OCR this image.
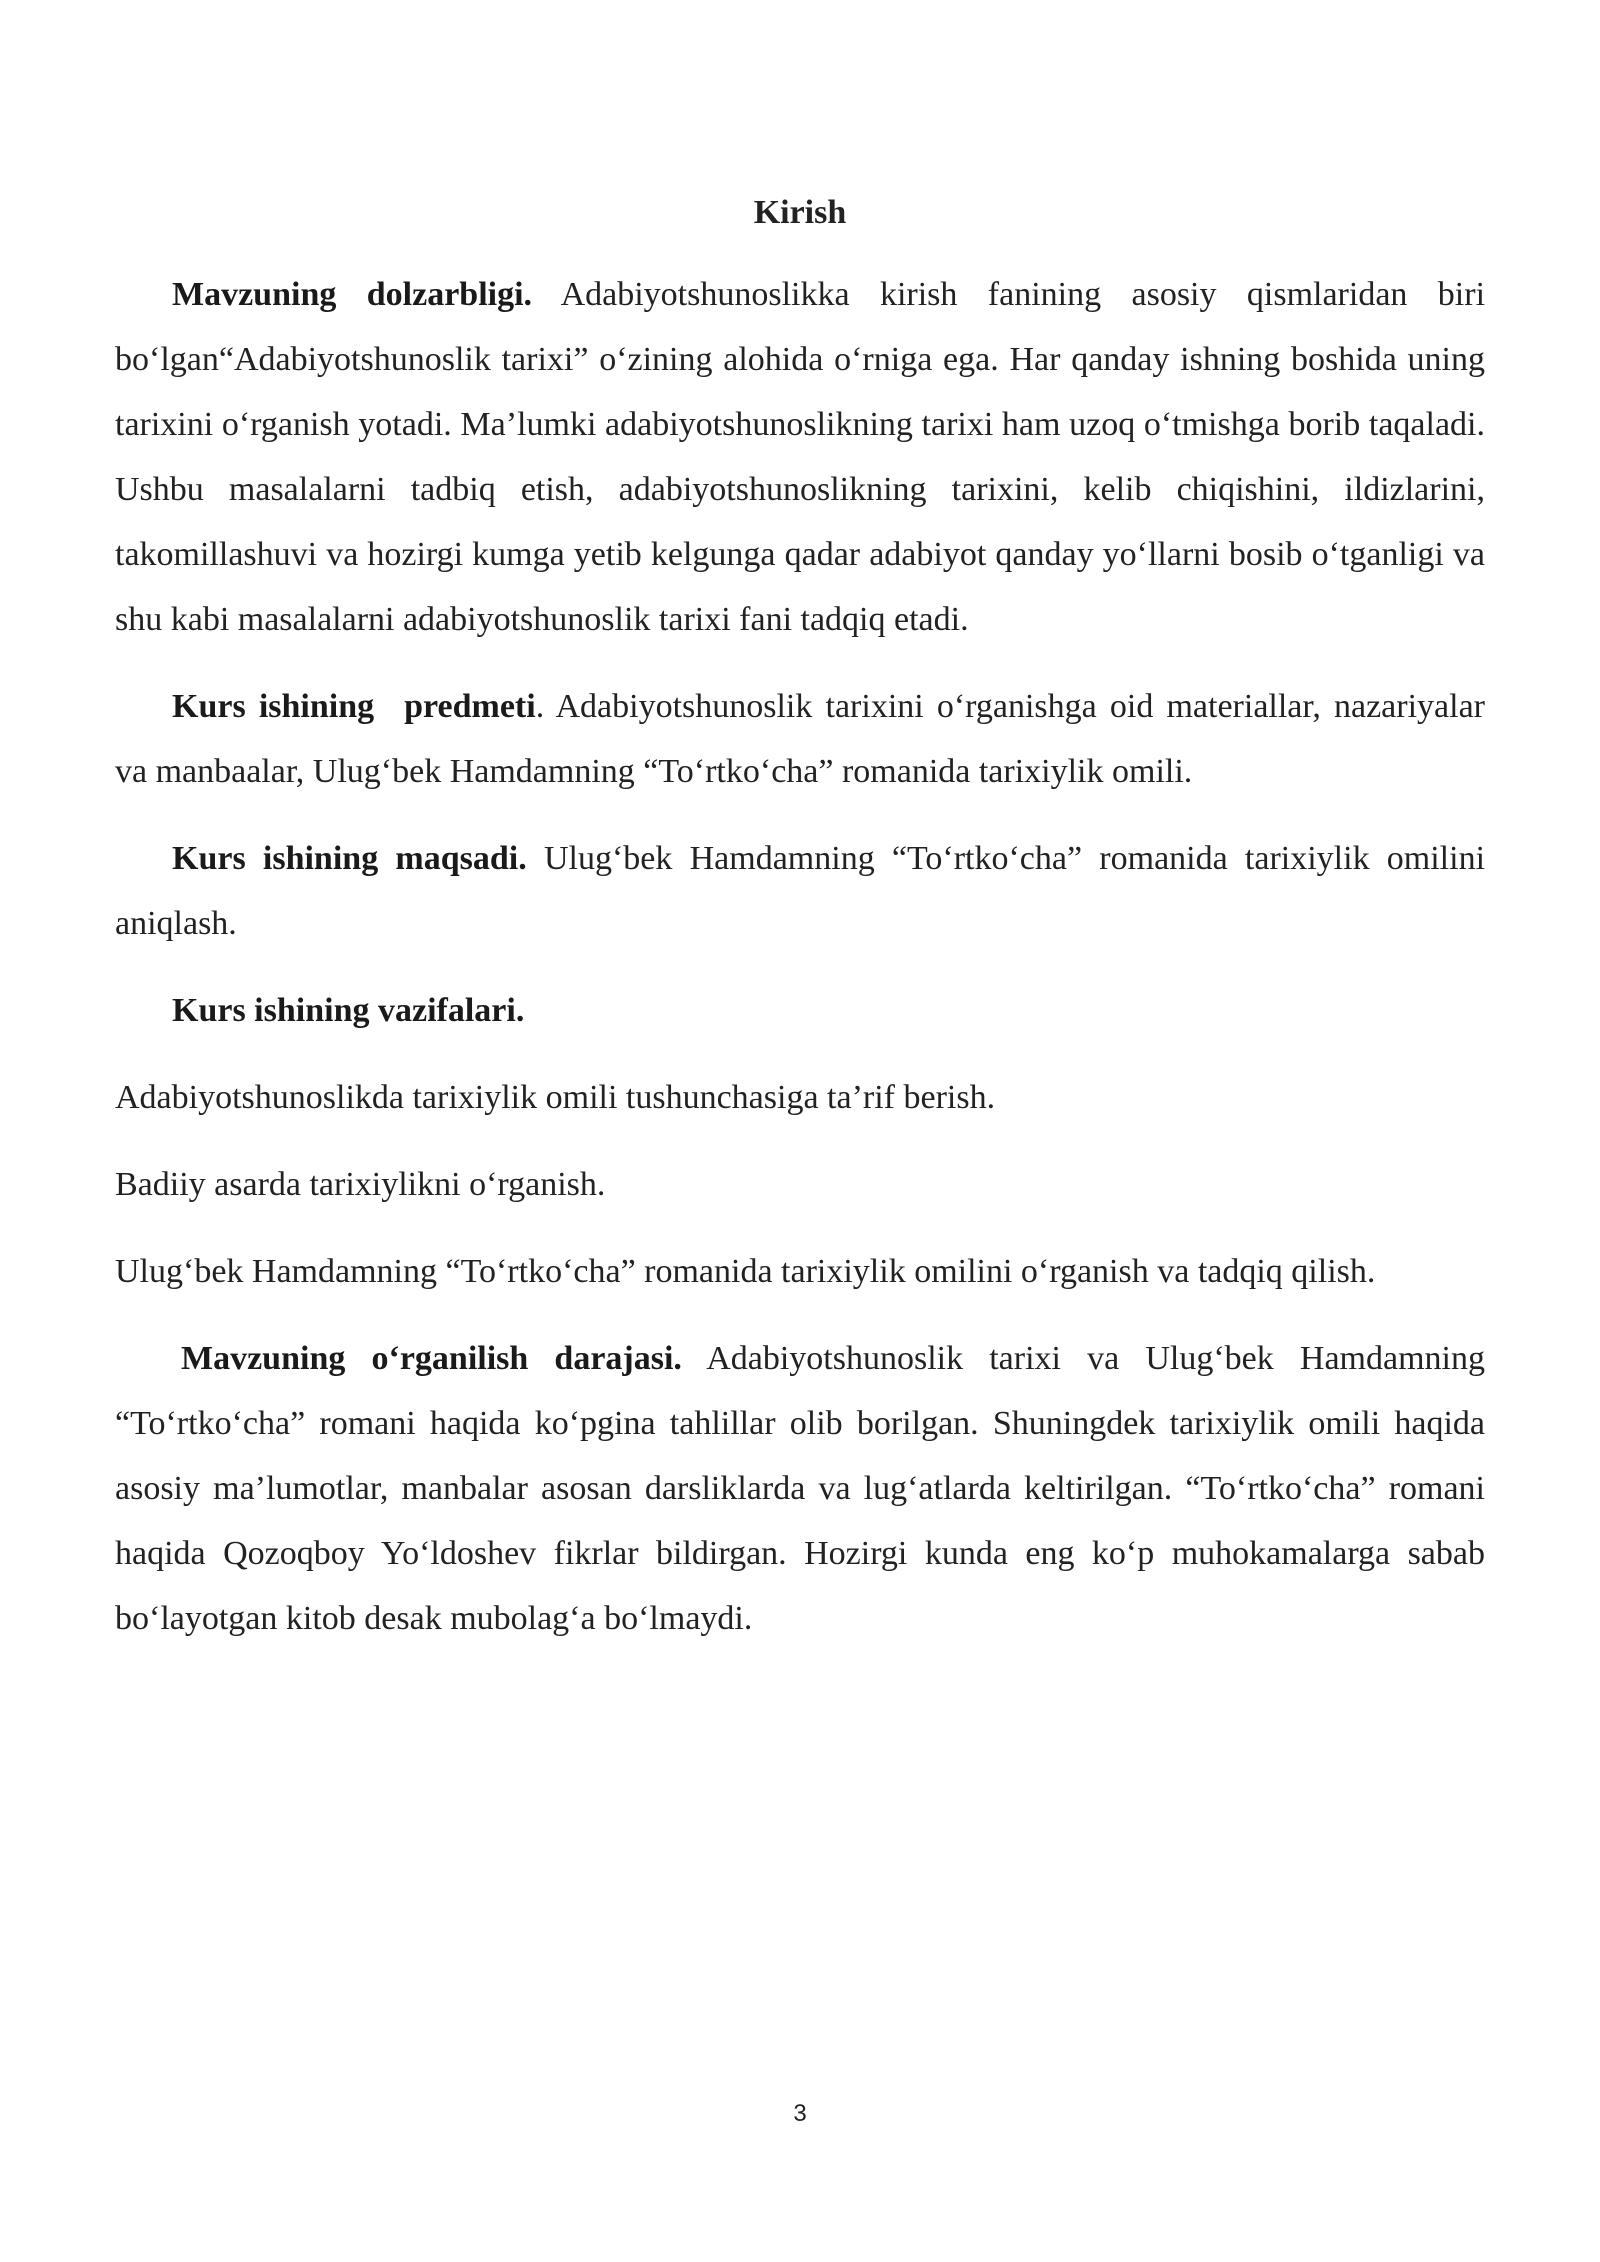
Kirish

Mavzuning dolzarbligi. Adabiyotshunoslikka kirish fanining asosiy qismlaridan biri bo‘lgan“Adabiyotshunoslik tarixi” o‘zining alohida o‘rniga ega. Har qanday ishning boshida uning tarixini o‘rganish yotadi. Ma’lumki adabiyotshunoslikning tarixi ham uzoq o‘tmishga borib taqaladi. Ushbu masalalarni tadbiq etish, adabiyotshunoslikning tarixini, kelib chiqishini, ildizlarini, takomillashuvi va hozirgi kumga yetib kelgunga qadar adabiyot qanday yo‘llarni bosib o‘tganligi va shu kabi masalalarni adabiyotshunoslik tarixi fani tadqiq etadi.

Kurs ishining predmeti. Adabiyotshunoslik tarixini o‘rganishga oid materiallar, nazariyalar va manbaalar, Ulug‘bek Hamdamning “To‘rtko‘cha” romanida tarixiylik omili.

Kurs ishining maqsadi. Ulug‘bek Hamdamning “To‘rtko‘cha” romanida tarixiylik omilini aniqlash.

Kurs ishining vazifalari.

Adabiyotshunoslikda tarixiylik omili tushunchasiga ta’rif berish.

Badiiy asarda tarixiylikni o‘rganish.

Ulug‘bek Hamdamning “To‘rtko‘cha” romanida tarixiylik omilini o‘rganish va tadqiq qilish.

Mavzuning o‘rganilish darajasi. Adabiyotshunoslik tarixi va Ulug‘bek Hamdamning “To‘rtko‘cha” romani haqida ko‘pgina tahlillar olib borilgan. Shuningdek tarixiylik omili haqida asosiy ma’lumotlar, manbalar asosan darsliklarda va lug‘atlarda keltirilgan. “To‘rtko‘cha” romani haqida Qozoqboy Yo‘ldoshev fikrlar bildirgan. Hozirgi kunda eng ko‘p muhokamalarga sabab bo‘layotgan kitob desak mubolag‘a bo‘lmaydi.

3
